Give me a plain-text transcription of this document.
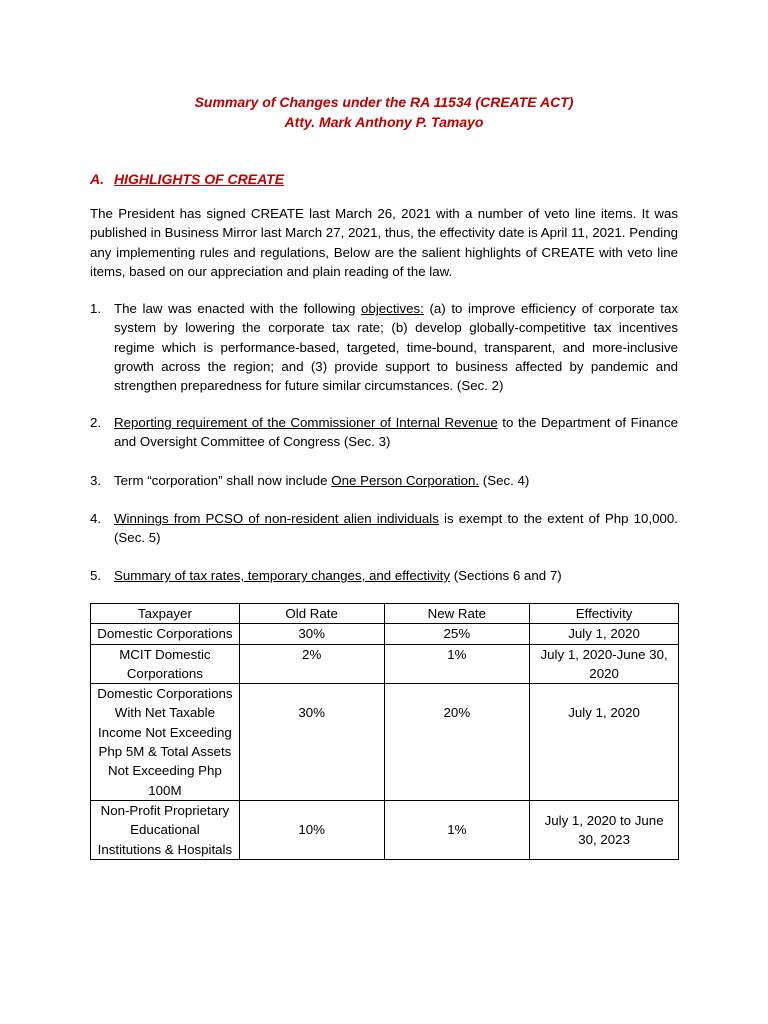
Summary of Changes under the RA 11534 (CREATE ACT)
Atty. Mark Anthony P. Tamayo
A. HIGHLIGHTS OF CREATE
The President has signed CREATE last March 26, 2021 with a number of veto line items. It was published in Business Mirror last March 27, 2021, thus, the effectivity date is April 11, 2021. Pending any implementing rules and regulations, Below are the salient highlights of CREATE with veto line items, based on our appreciation and plain reading of the law.
1. The law was enacted with the following objectives: (a) to improve efficiency of corporate tax system by lowering the corporate tax rate; (b) develop globally-competitive tax incentives regime which is performance-based, targeted, time-bound, transparent, and more-inclusive growth across the region; and (3) provide support to business affected by pandemic and strengthen preparedness for future similar circumstances. (Sec. 2)
2. Reporting requirement of the Commissioner of Internal Revenue to the Department of Finance and Oversight Committee of Congress (Sec. 3)
3. Term “corporation” shall now include One Person Corporation. (Sec. 4)
4. Winnings from PCSO of non-resident alien individuals is exempt to the extent of Php 10,000. (Sec. 5)
5. Summary of tax rates, temporary changes, and effectivity (Sections 6 and 7)
Taxpayer	Old Rate	New Rate	Effectivity
Domestic Corporations	30%	25%	July 1, 2020
MCIT Domestic Corporations	2%	1%	July 1, 2020-June 30, 2020
Domestic Corporations With Net Taxable Income Not Exceeding Php 5M & Total Assets Not Exceeding Php 100M	30%	20%	July 1, 2020
Non-Profit Proprietary Educational Institutions & Hospitals	10%	1%	July 1, 2020 to June 30, 2023
